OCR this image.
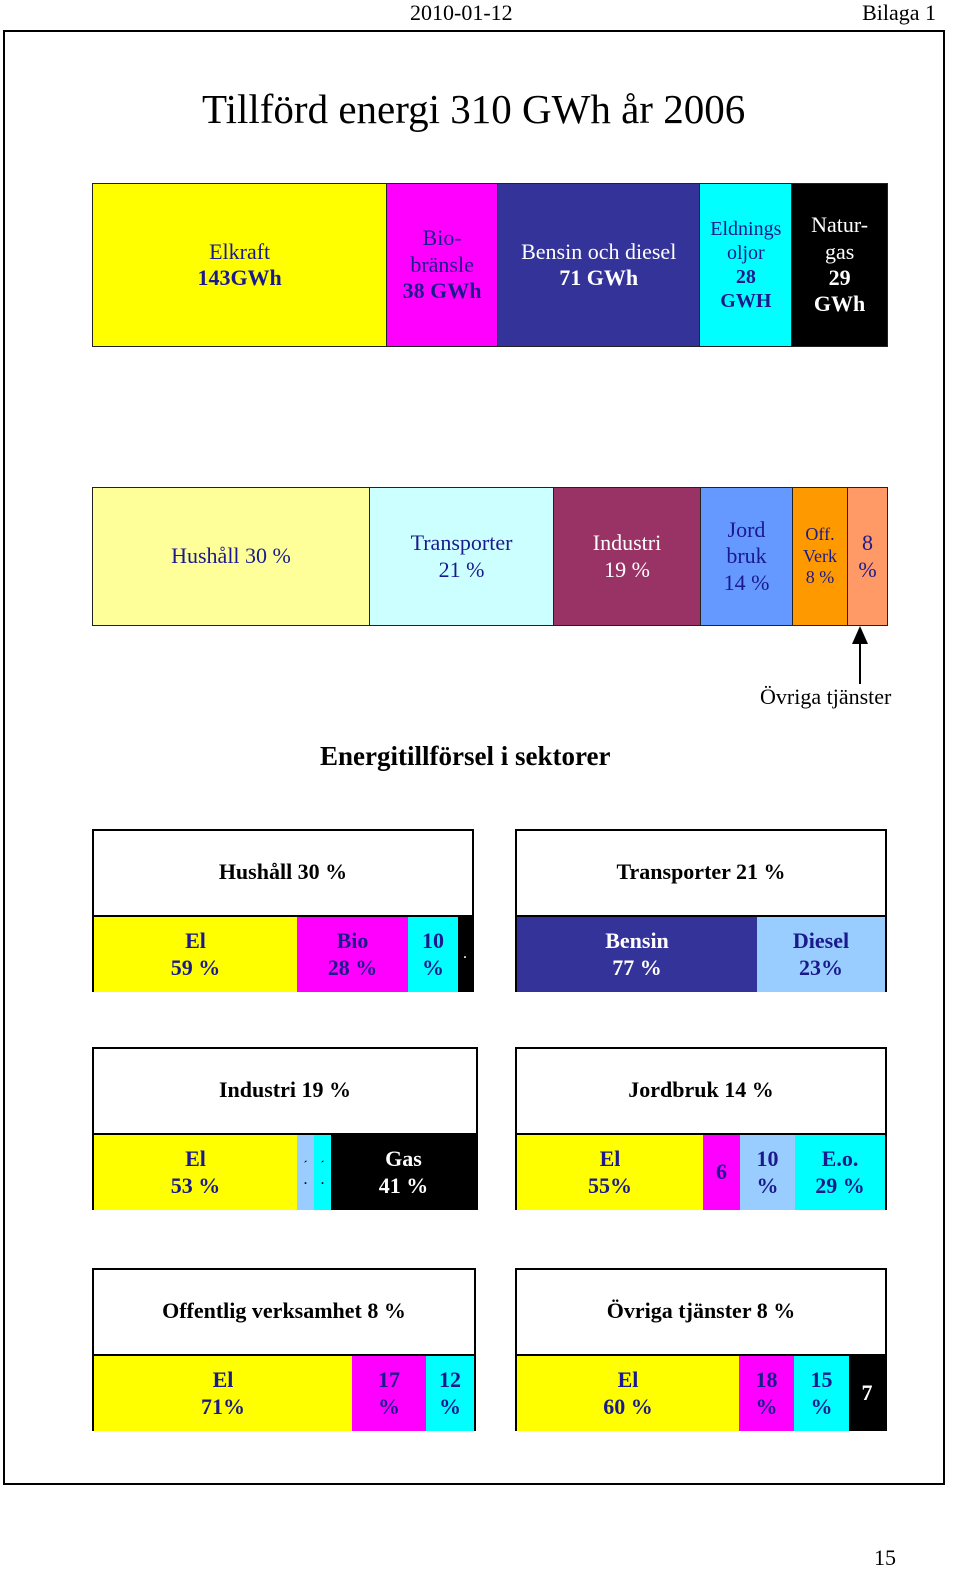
2010-01-12	Bilaga 1
Tillförd energi 310 GWh år 2006
Elkraft
143GWh
Bio-
bränsle
38 GWh
Bensin och diesel
71 GWh
Eldnings
oljor
28
GWH
Natur-
gas
29
GWh
Hushåll 30 %
Transporter
21 %
Industri
19 %
Jord
bruk
14 %
Off.
Verk
8 %
8
%
Övriga tjänster
Energitillförsel i sektorer
Hushåll 30 %
El
59 %
Bio
28 %
10
%
.
Transporter 21 %
Bensin
77 %
Diesel
23%
Industri 19 %
El
53 %
´
.
´
.
Gas
41 %
Jordbruk 14 %
El
55%
6
10
%
E.o.
29 %
Offentlig verksamhet 8 %
El
71%
17
%
12
%
Övriga tjänster 8 %
El
60 %
18
%
15
%
7
15
